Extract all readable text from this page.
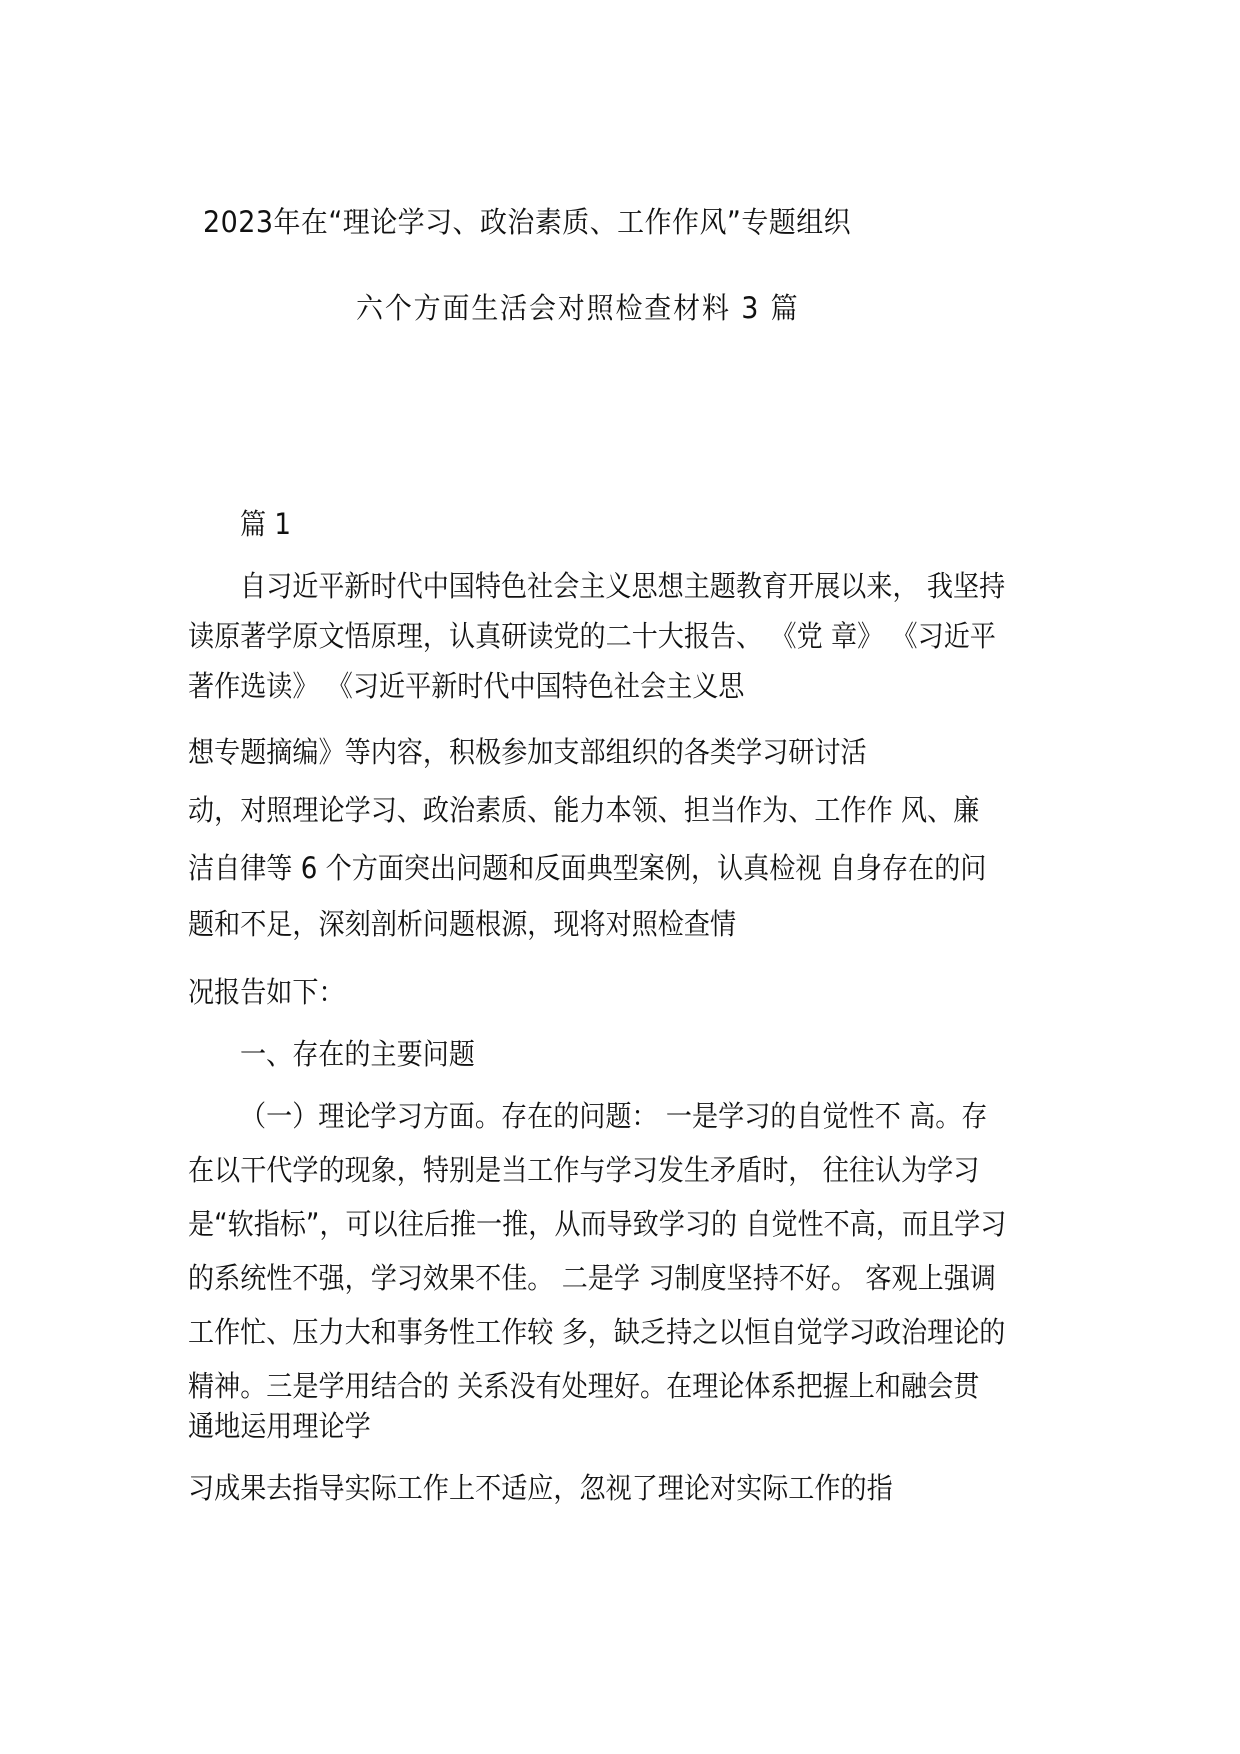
2023年在“理论学习、政治素质、工作作风”专题组织
六个方面生活会对照检查材料 3 篇
篇 1
自习近平新时代中国特色社会主义思想主题教育开展以来， 我坚持
读原著学原文悟原理，认真研读党的二十大报告、 《党 章》 《习近平
著作选读》 《习近平新时代中国特色社会主义思
想专题摘编》等内容，积极参加支部组织的各类学习研讨活
动，对照理论学习、政治素质、能力本领、担当作为、工作作 风、廉
洁自律等 6 个方面突出问题和反面典型案例，认真检视 自身存在的问
题和不足，深刻剖析问题根源，现将对照检查情
况报告如下：
一、存在的主要问题
（一）理论学习方面。存在的问题： 一是学习的自觉性不 高。存
在以干代学的现象，特别是当工作与学习发生矛盾时， 往往认为学习
是“软指标”，可以往后推一推，从而导致学习的 自觉性不高，而且学习
的系统性不强，学习效果不佳。 二是学 习制度坚持不好。 客观上强调
工作忙、压力大和事务性工作较 多，缺乏持之以恒自觉学习政治理论的
精神。三是学用结合的 关系没有处理好。在理论体系把握上和融会贯
通地运用理论学
习成果去指导实际工作上不适应，忽视了理论对实际工作的指
